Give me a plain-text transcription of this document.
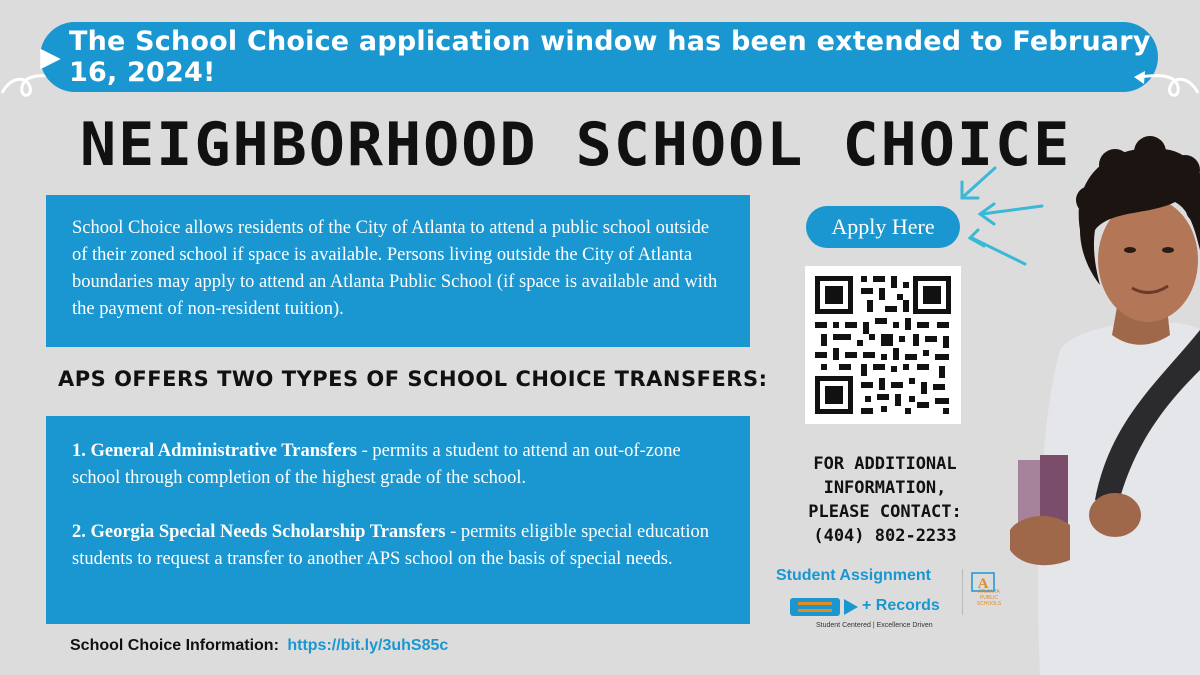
▶ The School Choice application window has been extended to February 16, 2024!
NEIGHBORHOOD SCHOOL CHOICE

School Choice allows residents of the City of Atlanta to attend a public school outside of their zoned school if space is available. Persons living outside the City of Atlanta boundaries may apply to attend an Atlanta Public School (if space is available and with the payment of non-resident tuition).

APS OFFERS TWO TYPES OF SCHOOL CHOICE TRANSFERS:

1. General Administrative Transfers - permits a student to attend an out-of-zone school through completion of the highest grade of the school.

2. Georgia Special Needs Scholarship Transfers - permits eligible special education students to request a transfer to another APS school on the basis of special needs.

School Choice Information: https://bit.ly/3uhS85c
Apply Here
FOR ADDITIONAL
INFORMATION,
PLEASE CONTACT:
(404) 802-2233
Student Assignment
+ Records
Student Centered | Excellence Driven
A
ATLANTA
PUBLIC
SCHOOLS
